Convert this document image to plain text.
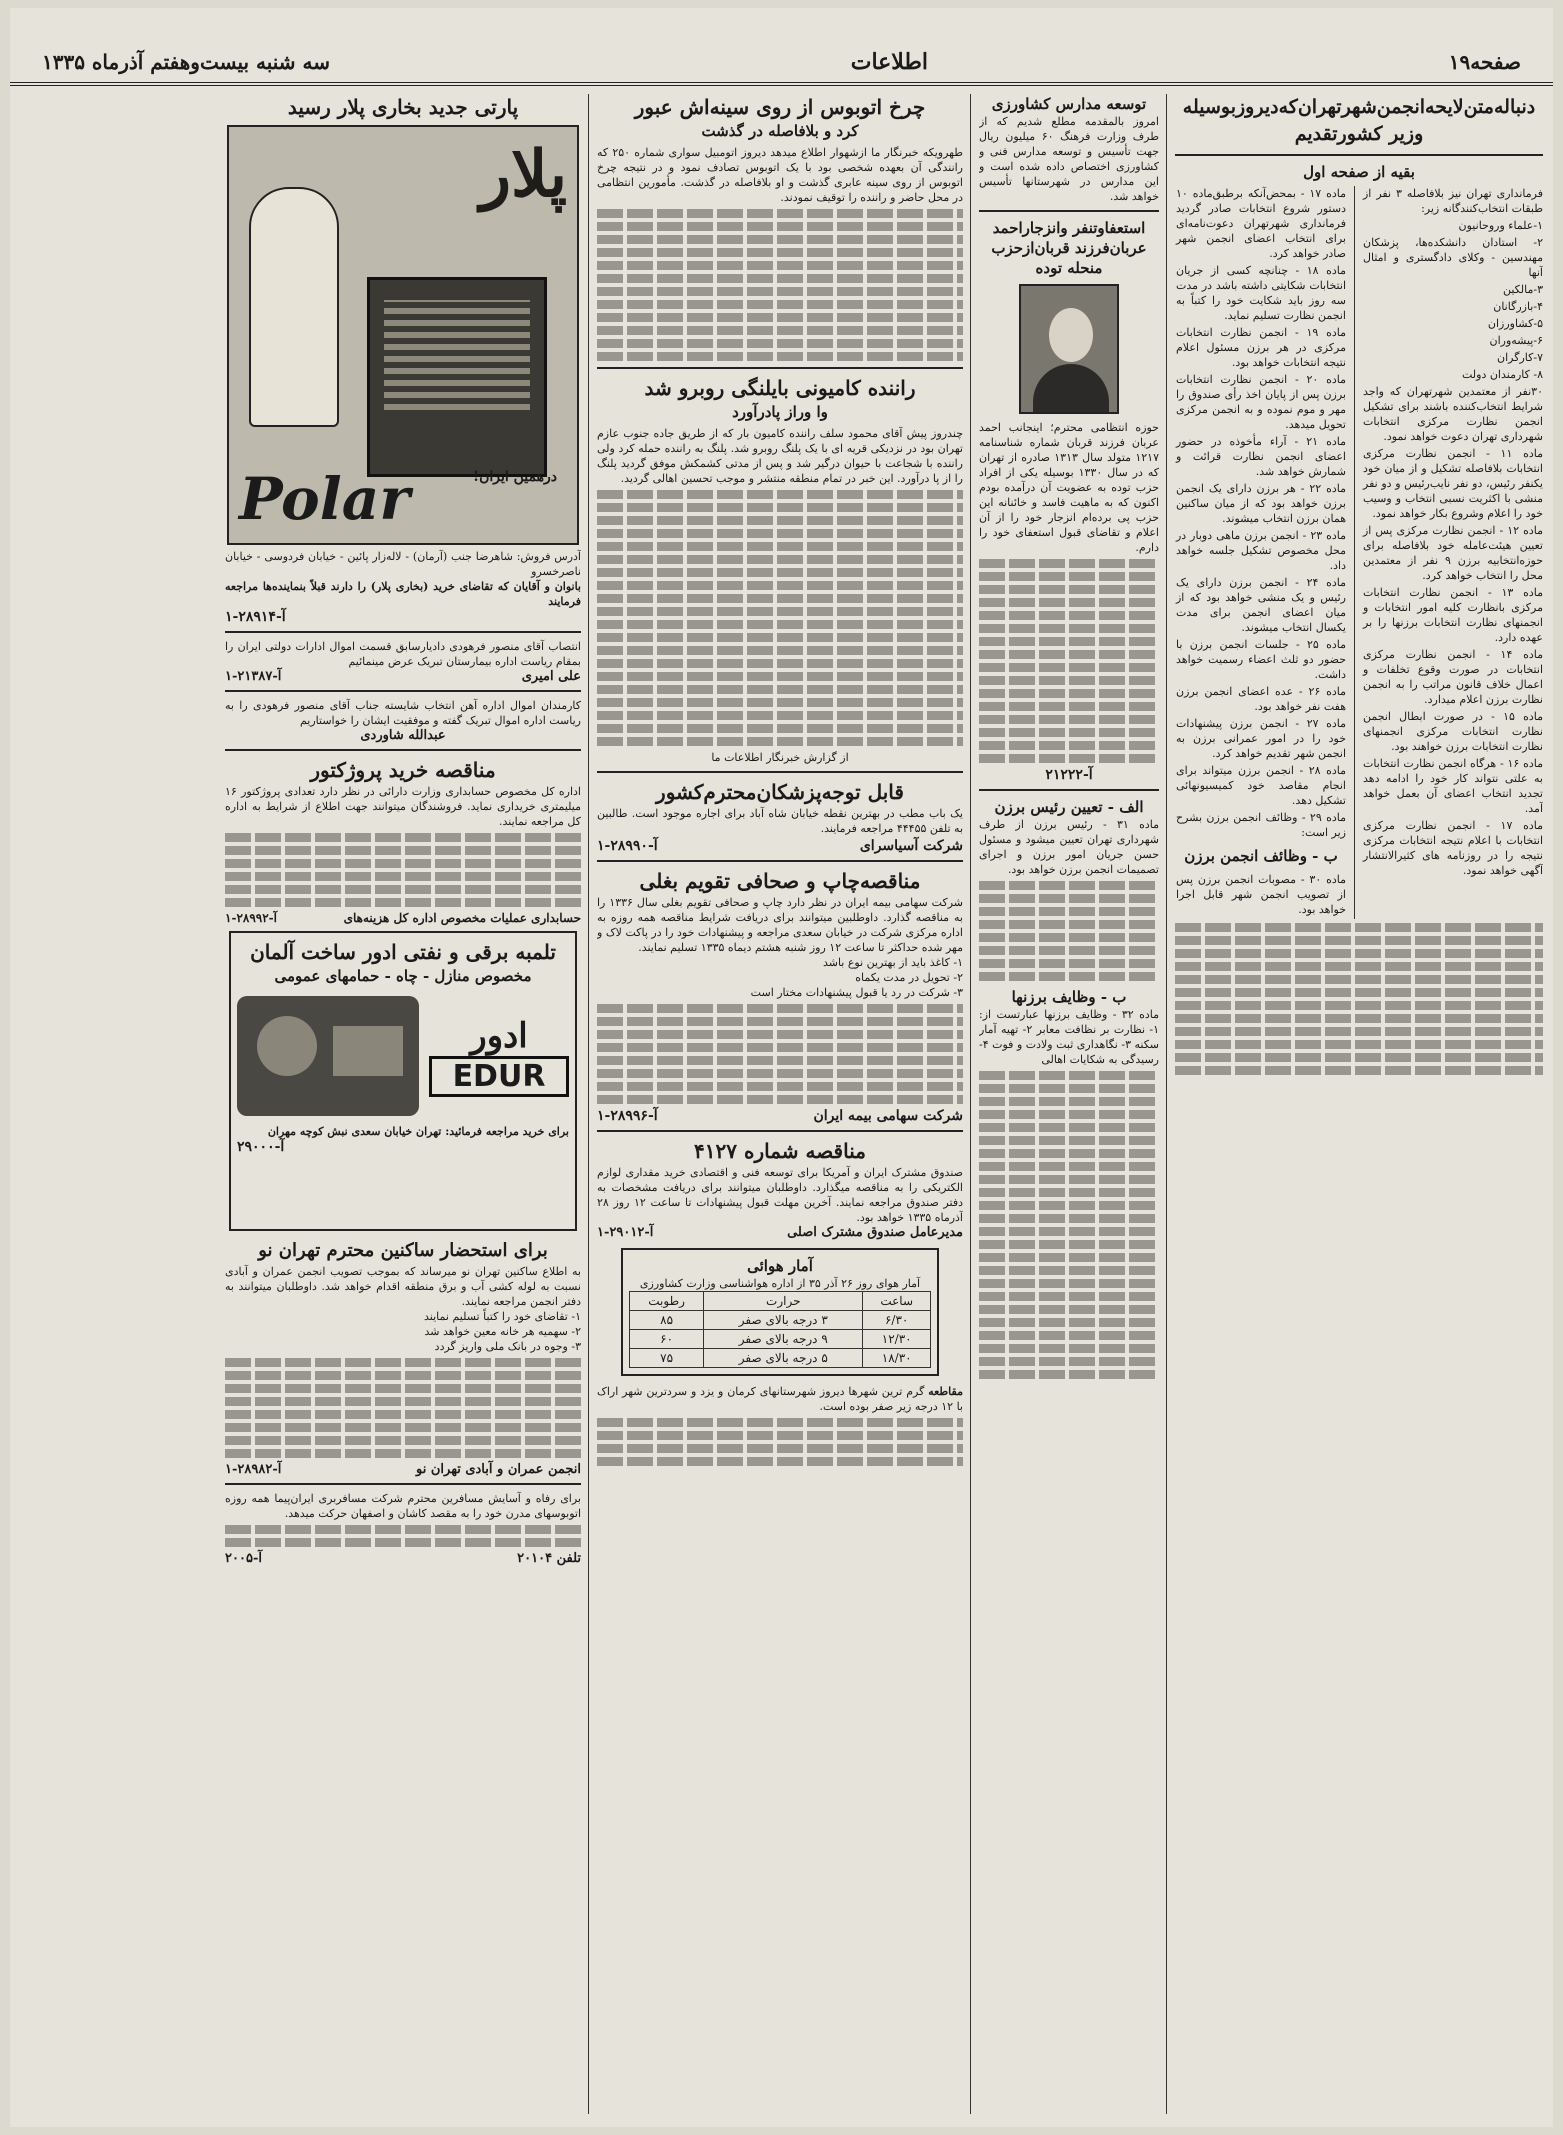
صفحه۱۹
اطلاعات
سه شنبه بیست‌وهفتم آذرماه ۱۳۳۵
دنباله‌متن‌لایحه‌انجمن‌شهرتهران‌که‌دیروزبوسیله وزیر کشورتقدیم
بقیه از صفحه اول

فرمانداری تهران نیز بلافاصله ۳ نفر از طبقات انتخاب‌کنندگانه زیر:

۱-علماء وروحانیون

۲- استادان دانشکده‌ها، پزشکان مهندسین - وکلای دادگستری و امثال آنها

۳-مالکین

۴-بازرگانان

۵-کشاورزان

۶-پیشه‌وران

۷-کارگران

۸- کارمندان دولت

۳۰نفر از معتمدین شهرتهران که واجد شرایط انتخاب‌کننده باشند برای تشکیل انجمن نظارت مرکزی انتخابات شهرداری تهران دعوت خواهد نمود.

ماده ۱۱ - انجمن نظارت مرکزی انتخابات بلافاصله تشکیل و از میان خود یکنفر رئیس، دو نفر نایب‌رئیس و دو نفر منشی با اکثریت نسبی انتخاب و وسیب خود را اعلام وشروع بکار خواهد نمود.

ماده ۱۲ - انجمن نظارت مرکزی پس از تعیین هیئت‌عامله خود بلافاصله برای حوزه‌انتخابیه‌ برزن ۹ نفر از معتمدین محل را انتخاب خواهد کرد.

ماده ۱۳ - انجمن نظارت انتخابات مرکزی بانظارت کلیه امور انتخابات و انجمنهای نظارت انتخابات برزنها را بر عهده دارد.

ماده ۱۴ - انجمن نظارت مرکزی انتخابات در صورت وقوع تخلفات و اعمال خلاف قانون مراتب را به انجمن نظارت برزن اعلام میدارد.

ماده ۱۵ - در صورت ابطال انجمن نظارت انتخابات مرکزی انجمنهای نظارت انتخابات برزن خواهند بود.

ماده ۱۶ - هرگاه انجمن نظارت انتخابات به علتی نتواند کار خود را ادامه دهد تجدید انتخاب اعضای آن بعمل خواهد آمد.

ماده ۱۷ - انجمن نظارت مرکزی انتخابات با اعلام نتیجه انتخابات مرکزی نتیجه را در روزنامه های کثیرالانتشار آگهی خواهد نمود.

ماده ۱۷ - بمحض‌آنکه برطبق‌ماده ۱۰ دستور شروع انتخابات صادر گردید فرمانداری شهرتهران دعوت‌نامه‌ای برای انتخاب اعضای انجمن شهر صادر خواهد کرد.

ماده ۱۸ - چنانچه کسی از جریان انتخابات شکایتی داشته باشد در مدت سه روز باید شکایت خود را کتباً به انجمن نظارت تسلیم نماید.

ماده ۱۹ - انجمن نظارت انتخابات مرکزی در هر برزن مسئول اعلام نتیجه انتخابات خواهد بود.

ماده ۲۰ - انجمن نظارت انتخابات برزن پس از پایان اخذ رأی صندوق را مهر و موم نموده و به انجمن مرکزی تحویل میدهد.

ماده ۲۱ - آراء مأخوذه در حضور اعضای انجمن نظارت قرائت و شمارش خواهد شد.

ماده ۲۲ - هر برزن دارای یک انجمن برزن خواهد بود که از میان ساکنین همان برزن انتخاب میشوند.

ماده ۲۳ - انجمن برزن ماهی دوبار در محل مخصوص تشکیل جلسه خواهد داد.

ماده ۲۴ - انجمن برزن دارای یک رئیس و یک منشی خواهد بود که از میان اعضای انجمن برای مدت یکسال انتخاب میشوند.

ماده ۲۵ - جلسات انجمن برزن با حضور دو ثلث اعضاء رسمیت خواهد داشت.

ماده ۲۶ - عده اعضای انجمن برزن هفت نفر خواهد بود.

ماده ۲۷ - انجمن برزن پیشنهادات خود را در امور عمرانی برزن به انجمن شهر تقدیم خواهد کرد.

ماده ۲۸ - انجمن برزن میتواند برای انجام مقاصد خود کمیسیونهائی تشکیل دهد.

ماده ۲۹ - وظائف انجمن برزن بشرح زیر است:

ب - وظائف انجمن برزن

ماده ۳۰ - مصوبات انجمن برزن پس از تصویب انجمن شهر قابل اجرا خواهد بود.

توسعه مدارس کشاورزی
امروز بالمقدمه مطلع شدیم که از طرف وزارت فرهنگ ۶۰ میلیون ریال جهت تأسیس و توسعه مدارس فنی و کشاورزی اختصاص داده شده است و این مدارس در شهرستانها تأسیس خواهد شد.
استعفاوتنفر وانزجاراحمد عربان‌فرزند قربان‌ازحزب منحله توده
حوزه انتظامی محترم؛ اینجانب احمد عربان فرزند قربان شماره شناسنامه ۱۲۱۷ متولد سال ۱۳۱۳ صادره از تهران که در سال ۱۳۳۰ بوسیله یکی از افراد حزب توده به عضویت آن درآمده بودم اکنون که به ماهیت فاسد و خائنانه این حزب پی برده‌ام انزجار خود را از آن اعلام و تقاضای قبول استعفای خود را دارم.
آ-۲۱۲۲۲
الف - تعیین رئیس برزن
ماده ۳۱ - رئیس برزن از طرف شهرداری تهران تعیین میشود و مسئول حسن جریان امور برزن و اجرای تصمیمات انجمن برزن خواهد بود.
ب - وظایف برزنها
ماده ۳۲ - وظایف برزنها عبارتست از: ۱- نظارت بر نظافت معابر ۲- تهیه آمار سکنه ۳- نگاهداری ثبت ولادت و فوت ۴- رسیدگی به شکایات اهالی
چرخ اتوبوس از روی سینه‌اش عبور
کرد و بلافاصله در گذشت
طهرویکه خبرنگار ما ازشهوار اطلاع میدهد دیروز اتومبیل سواری شماره ۲۵۰ که رانندگی آن بعهده شخصی بود با یک اتوبوس تصادف نمود و در نتیجه چرخ اتوبوس از روی سینه عابری گذشت و او بلافاصله در گذشت. مأمورین انتظامی در محل حاضر و راننده را توقیف نمودند.
راننده کامیونی بایلنگی روبرو شد
وا وراز پادرآورد
چندروز پیش آقای محمود سلف راننده کامیون بار که از طریق جاده جنوب عازم تهران بود در نزدیکی قریه ای با یک پلنگ روبرو شد. پلنگ به راننده حمله کرد ولی راننده با شجاعت با حیوان درگیر شد و پس از مدتی کشمکش موفق گردید پلنگ را از پا درآورد. این خبر در تمام منطقه منتشر و موجب تحسین اهالی گردید.
از گزارش خبرنگار اطلاعات ما
قابل توجه‌پزشکان‌محترم‌کشور
یک باب مطب در بهترین نقطه خیابان شاه آباد برای اجاره موجود است. طالبین به تلفن ۴۴۴۵۵ مراجعه فرمایند.
شرکت آسیاسرای
آ-۲۸۹۹۰-۱
مناقصه‌چاپ و صحافی تقویم بغلی
شرکت سهامی بیمه ایران در نظر دارد چاپ و صحافی تقویم بغلی سال ۱۳۳۶ را به مناقصه گذارد. داوطلبین میتوانند برای دریافت شرایط مناقصه همه روزه به اداره مرکزی شرکت در خیابان سعدی مراجعه و پیشنهادات خود را در پاکت لاک و مهر شده حداکثر تا ساعت ۱۲ روز شنبه هشتم دیماه ۱۳۳۵ تسلیم نمایند.
۱- کاغذ باید از بهترین نوع باشد
۲- تحویل در مدت یکماه
۳- شرکت در رد یا قبول پیشنهادات مختار است
شرکت سهامی بیمه ایران
آ-۲۸۹۹۶-۱
مناقصه شماره ۴۱۲۷
صندوق مشترک ایران و آمریکا برای توسعه فنی و اقتصادی خرید مقداری لوازم الکتریکی را به مناقصه میگذارد. داوطلبان میتوانند برای دریافت مشخصات به دفتر صندوق مراجعه نمایند. آخرین مهلت قبول پیشنهادات تا ساعت ۱۲ روز ۲۸ آذرماه ۱۳۳۵ خواهد بود.
مدیرعامل صندوق مشترک اصلی
آ-۲۹۰۱۲-۱
آمار هوائی
آمار هوای روز ۲۶ آذر ۳۵ از اداره هواشناسی وزارت کشاورزی
ساعت	حرارت	رطوبت
۶/۳۰	۳ درجه بالای صفر	۸۵
۱۲/۳۰	۹ درجه بالای صفر	۶۰
۱۸/۳۰	۵ درجه بالای صفر	۷۵
مقاطعه گرم ترین شهرها دیروز شهرستانهای کرمان و یزد و سردترین شهر اراک با ۱۲ درجه زیر صفر بوده است.
پارتی جدید بخاری پلار رسید
پلار
Polar	درهمین ایران!
آدرس فروش: شاهرضا جنب (آرمان) - لاله‌زار پائین - خیابان فردوسی - خیابان ناصرخسرو
بانوان و آقایان که تقاضای خرید (بخاری پلار) را دارند قبلاً بنماینده‌ها مراجعه فرمایند
آ-۲۸۹۱۴-۱
انتصاب آقای منصور فرهودی دادیارسابق قسمت اموال ادارات دولتی ایران را بمقام ریاست اداره بیمارستان تبریک عرض مینمائیم
علی امیری
آ-۲۱۳۸۷-۱
کارمندان اموال اداره آهن انتخاب شایسته جناب آقای منصور فرهودی را به ریاست اداره اموال تبریک گفته و موفقیت ایشان را خواستاریم
عبدالله شاوردی
مناقصه خرید پروژکتور
اداره کل مخصوص حسابداری وزارت دارائی در نظر دارد تعدادی پروژکتور ۱۶ میلیمتری خریداری نماید. فروشندگان میتوانند جهت اطلاع از شرایط به اداره کل مراجعه نمایند.
حسابداری عملیات مخصوص اداره کل هزینه‌های
آ-۲۸۹۹۲-۱
تلمبه برقی و نفتی ادور ساخت آلمان
مخصوص منازل - چاه - حمامهای عمومی
ادور
EDUR
برای خرید مراجعه فرمائید: تهران خیابان سعدی نبش کوچه مهران
آ-۲۹۰۰۰
برای استحضار ساکنین محترم تهران نو
به اطلاع ساکنین تهران نو میرساند که بموجب تصویب انجمن عمران و آبادی نسبت به لوله کشی آب و برق منطقه اقدام خواهد شد. داوطلبان میتوانند به دفتر انجمن مراجعه نمایند.
۱- تقاضای خود را کتباً تسلیم نمایند
۲- سهمیه هر خانه معین خواهد شد
۳- وجوه در بانک ملی واریز گردد
انجمن عمران و آبادی تهران نو
آ-۲۸۹۸۲-۱
برای رفاه و آسایش مسافرین محترم شرکت مسافربری ایران‌پیما همه روزه اتوبوسهای مدرن خود را به مقصد کاشان و اصفهان حرکت میدهد.
تلفن ۲۰۱۰۴
آ-۲۰۰۵
